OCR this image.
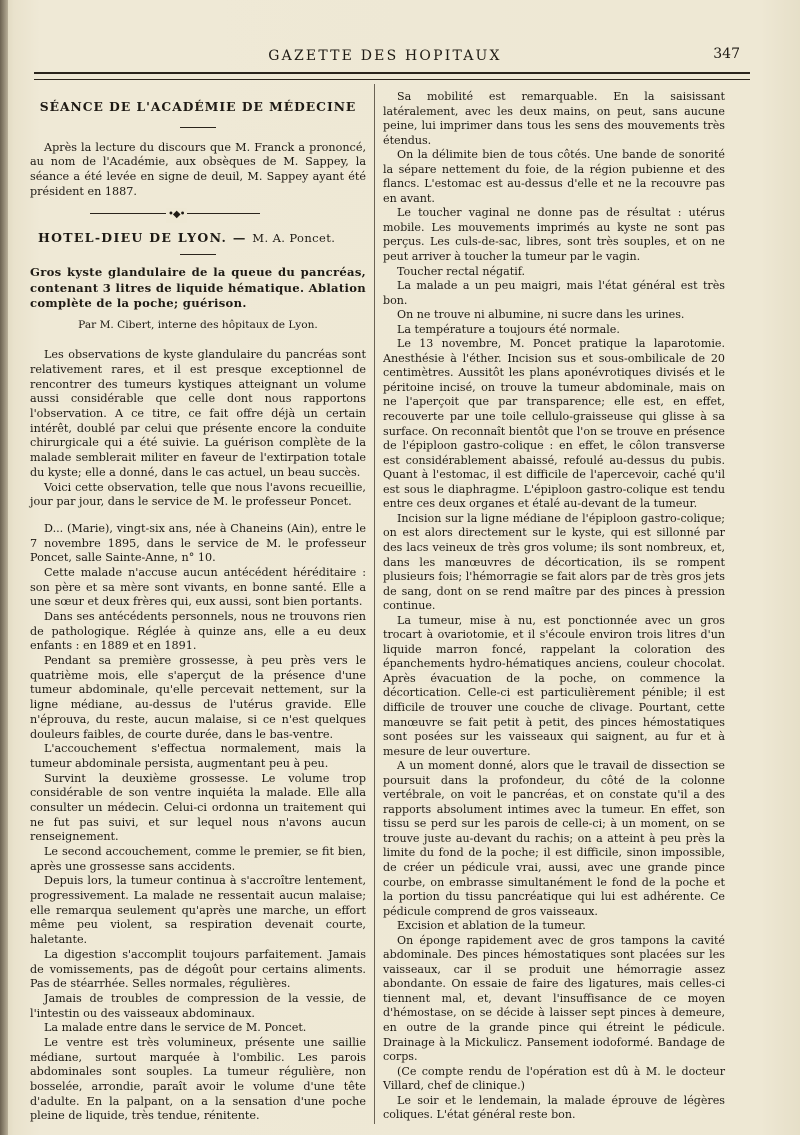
GAZETTE DES HOPITAUX	347
SÉANCE DE L'ACADÉMIE DE MÉDECINE

Après la lecture du discours que M. Franck a prononcé, au nom de l'Académie, aux obsèques de M. Sappey, la séance a été levée en signe de deuil, M. Sappey ayant été président en 1887.

•◆•
HOTEL-DIEU DE LYON. — M. A. Poncet.
Gros kyste glandulaire de la queue du pancréas, contenant 3 litres de liquide hématique. Ablation complète de la poche; guérison.
Par M. Cibert, interne des hôpitaux de Lyon.

Les observations de kyste glandulaire du pancréas sont relativement rares, et il est presque exceptionnel de rencontrer des tumeurs kystiques atteignant un volume aussi considérable que celle dont nous rapportons l'observation. A ce titre, ce fait offre déjà un certain intérêt, doublé par celui que présente encore la conduite chirurgicale qui a été suivie. La guérison complète de la malade semblerait militer en faveur de l'extirpation totale du kyste; elle a donné, dans le cas actuel, un beau succès.

Voici cette observation, telle que nous l'avons recueillie, jour par jour, dans le service de M. le professeur Poncet.

D... (Marie), vingt-six ans, née à Chaneins (Ain), entre le 7 novembre 1895, dans le service de M. le professeur Poncet, salle Sainte-Anne, n° 10.

Cette malade n'accuse aucun antécédent héréditaire : son père et sa mère sont vivants, en bonne santé. Elle a une sœur et deux frères qui, eux aussi, sont bien portants.

Dans ses antécédents personnels, nous ne trouvons rien de pathologique. Réglée à quinze ans, elle a eu deux enfants : en 1889 et en 1891.

Pendant sa première grossesse, à peu près vers le quatrième mois, elle s'aperçut de la présence d'une tumeur abdominale, qu'elle percevait nettement, sur la ligne médiane, au-dessus de l'utérus gravide. Elle n'éprouva, du reste, aucun malaise, si ce n'est quelques douleurs faibles, de courte durée, dans le bas-ventre.

L'accouchement s'effectua normalement, mais la tumeur abdominale persista, augmentant peu à peu.

Survint la deuxième grossesse. Le volume trop considérable de son ventre inquiéta la malade. Elle alla consulter un médecin. Celui-ci ordonna un traitement qui ne fut pas suivi, et sur lequel nous n'avons aucun renseignement.

Le second accouchement, comme le premier, se fit bien, après une grossesse sans accidents.

Depuis lors, la tumeur continua à s'accroître lentement, progressivement. La malade ne ressentait aucun malaise; elle remarqua seulement qu'après une marche, un effort même peu violent, sa respiration devenait courte, haletante.

La digestion s'accomplit toujours parfaitement. Jamais de vomissements, pas de dégoût pour certains aliments. Pas de stéarrhée. Selles normales, régulières.

Jamais de troubles de compression de la vessie, de l'intestin ou des vaisseaux abdominaux.

La malade entre dans le service de M. Poncet.

Le ventre est très volumineux, présente une saillie médiane, surtout marquée à l'ombilic. Les parois abdominales sont souples. La tumeur régulière, non bosselée, arrondie, paraît avoir le volume d'une tête d'adulte. En la palpant, on a la sensation d'une poche pleine de liquide, très tendue, rénitente.

Sa mobilité est remarquable. En la saisissant latéralement, avec les deux mains, on peut, sans aucune peine, lui imprimer dans tous les sens des mouvements très étendus.

On la délimite bien de tous côtés. Une bande de sonorité la sépare nettement du foie, de la région pubienne et des flancs. L'estomac est au-dessus d'elle et ne la recouvre pas en avant.

Le toucher vaginal ne donne pas de résultat : utérus mobile. Les mouvements imprimés au kyste ne sont pas perçus. Les culs-de-sac, libres, sont très souples, et on ne peut arriver à toucher la tumeur par le vagin.

Toucher rectal négatif.

La malade a un peu maigri, mais l'état général est très bon.

On ne trouve ni albumine, ni sucre dans les urines.

La température a toujours été normale.

Le 13 novembre, M. Poncet pratique la laparotomie. Anesthésie à l'éther. Incision sus et sous-ombilicale de 20 centimètres. Aussitôt les plans aponévrotiques divisés et le péritoine incisé, on trouve la tumeur abdominale, mais on ne l'aperçoit que par transparence; elle est, en effet, recouverte par une toile cellulo-graisseuse qui glisse à sa surface. On reconnaît bientôt que l'on se trouve en présence de l'épiploon gastro-colique : en effet, le côlon transverse est considérablement abaissé, refoulé au-dessus du pubis. Quant à l'estomac, il est difficile de l'apercevoir, caché qu'il est sous le diaphragme. L'épiploon gastro-colique est tendu entre ces deux organes et étalé au-devant de la tumeur.

Incision sur la ligne médiane de l'épiploon gastro-colique; on est alors directement sur le kyste, qui est sillonné par des lacs veineux de très gros volume; ils sont nombreux, et, dans les manœuvres de décortication, ils se rompent plusieurs fois; l'hémorragie se fait alors par de très gros jets de sang, dont on se rend maître par des pinces à pression continue.

La tumeur, mise à nu, est ponctionnée avec un gros trocart à ovariotomie, et il s'écoule environ trois litres d'un liquide marron foncé, rappelant la coloration des épanchements hydro-hématiques anciens, couleur chocolat. Après évacuation de la poche, on commence la décortication. Celle-ci est particulièrement pénible; il est difficile de trouver une couche de clivage. Pourtant, cette manœuvre se fait petit à petit, des pinces hémostatiques sont posées sur les vaisseaux qui saignent, au fur et à mesure de leur ouverture.

A un moment donné, alors que le travail de dissection se poursuit dans la profondeur, du côté de la colonne vertébrale, on voit le pancréas, et on constate qu'il a des rapports absolument intimes avec la tumeur. En effet, son tissu se perd sur les parois de celle-ci; à un moment, on se trouve juste au-devant du rachis; on a atteint à peu près la limite du fond de la poche; il est difficile, sinon impossible, de créer un pédicule vrai, aussi, avec une grande pince courbe, on embrasse simultanément le fond de la poche et la portion du tissu pancréatique qui lui est adhérente. Ce pédicule comprend de gros vaisseaux.

Excision et ablation de la tumeur.

On éponge rapidement avec de gros tampons la cavité abdominale. Des pinces hémostatiques sont placées sur les vaisseaux, car il se produit une hémorragie assez abondante. On essaie de faire des ligatures, mais celles-ci tiennent mal, et, devant l'insuffisance de ce moyen d'hémostase, on se décide à laisser sept pinces à demeure, en outre de la grande pince qui étreint le pédicule. Drainage à la Mickulicz. Pansement iodoformé. Bandage de corps.

(Ce compte rendu de l'opération est dû à M. le docteur Villard, chef de clinique.)

Le soir et le lendemain, la malade éprouve de légères coliques. L'état général reste bon.
